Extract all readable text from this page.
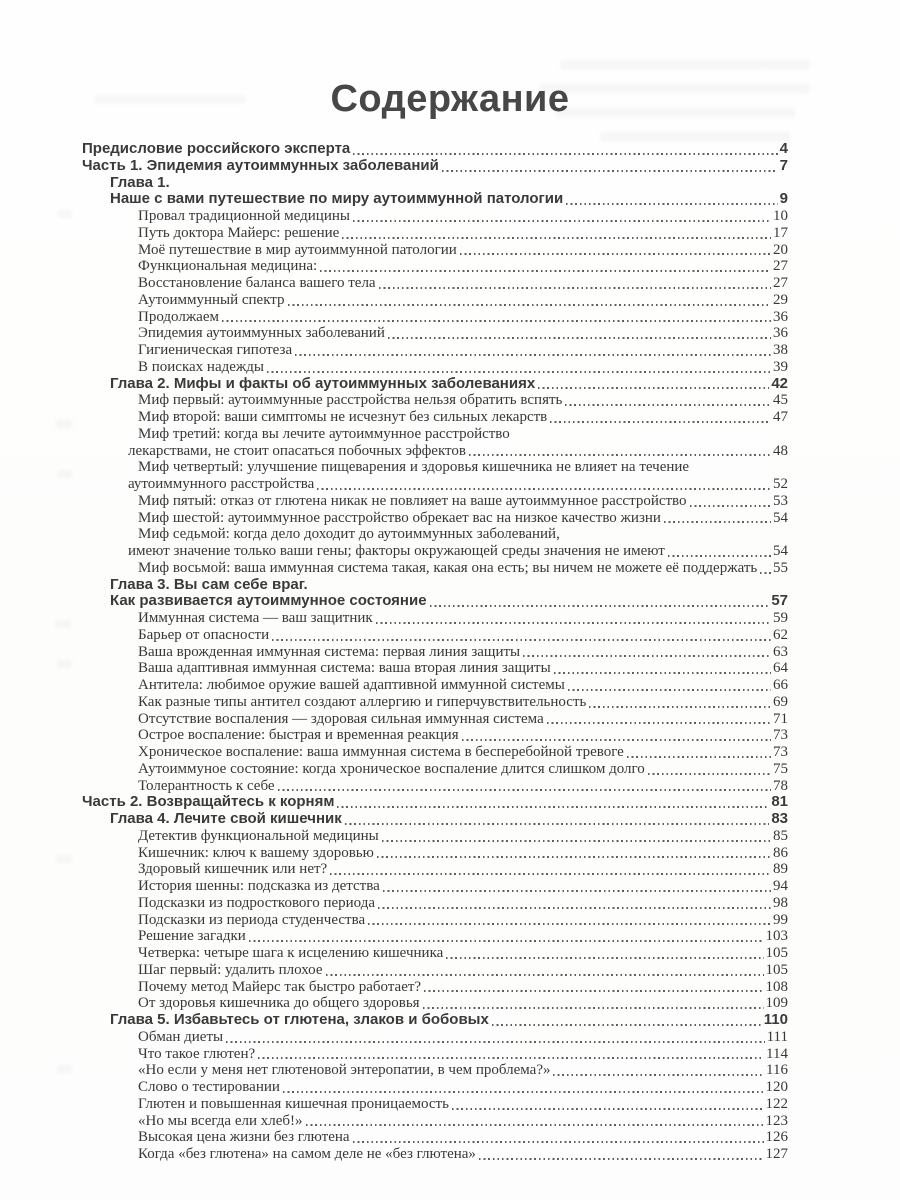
Содержание
Предисловие российского эксперта	4
Часть 1. Эпидемия аутоиммунных заболеваний	7
Глава 1.
Наше с вами путешествие по миру аутоиммунной патологии	9
Провал традиционной медицины	10
Путь доктора Майерс: решение	17
Моё путешествие в мир аутоиммунной патологии	20
Функциональная медицина:	27
Восстановление баланса вашего тела	27
Аутоиммунный спектр	29
Продолжаем	36
Эпидемия аутоиммунных заболеваний	36
Гигиеническая гипотеза	38
В поисках надежды	39
Глава 2. Мифы и факты об аутоиммунных заболеваниях	42
Миф первый: аутоиммунные расстройства нельзя обратить вспять	45
Миф второй: ваши симптомы не исчезнут без сильных лекарств	47
Миф третий: когда вы лечите аутоиммунное расстройство
лекарствами, не стоит опасаться побочных эффектов	48
Миф четвертый: улучшение пищеварения и здоровья кишечника не влияет на течение
аутоиммунного расстройства	52
Миф пятый: отказ от глютена никак не повлияет на ваше аутоиммунное расстройство	53
Миф шестой: аутоиммунное расстройство обрекает вас на низкое качество жизни	54
Миф седьмой: когда дело доходит до аутоиммунных заболеваний,
имеют значение только ваши гены; факторы окружающей среды значения не имеют	54
Миф восьмой: ваша иммунная система такая, какая она есть; вы ничем не можете её поддержать 55
Глава 3. Вы сам себе враг.
Как развивается аутоиммунное состояние	57
Иммунная система — ваш защитник	59
Барьер от опасности	62
Ваша врожденная иммунная система: первая линия защиты	63
Ваша адаптивная иммунная система: ваша вторая линия защиты	64
Антитела: любимое оружие вашей адаптивной иммунной системы	66
Как разные типы антител создают аллергию и гиперчувствительность	69
Отсутствие воспаления — здоровая сильная иммунная система	71
Острое воспаление: быстрая и временная реакция	73
Хроническое воспаление: ваша иммунная система в бесперебойной тревоге	73
Аутоиммуное состояние: когда хроническое воспаление длится слишком долго	75
Толерантность к себе	78
Часть 2. Возвращайтесь к корням	81
Глава 4. Лечите свой кишечник	83
Детектив функциональной медицины	85
Кишечник: ключ к вашему здоровью	86
Здоровый кишечник или нет?	89
История шенны: подсказка из детства	94
Подсказки из подросткового периода	98
Подсказки из периода студенчества	99
Решение загадки	103
Четверка: четыре шага к исцелению кишечника	105
Шаг первый: удалить плохое	105
Почему метод Майерс так быстро работает?	108
От здоровья кишечника до общего здоровья	109
Глава 5. Избавьтесь от глютена, злаков и бобовых	110
Обман диеты	111
Что такое глютен?	114
«Но если у меня нет глютеновой энтеропатии, в чем проблема?»	116
Слово о тестировании	120
Глютен и повышенная кишечная проницаемость	122
«Но мы всегда ели хлеб!»	123
Высокая цена жизни без глютена	126
Когда «без глютена» на самом деле не «без глютена»	127
